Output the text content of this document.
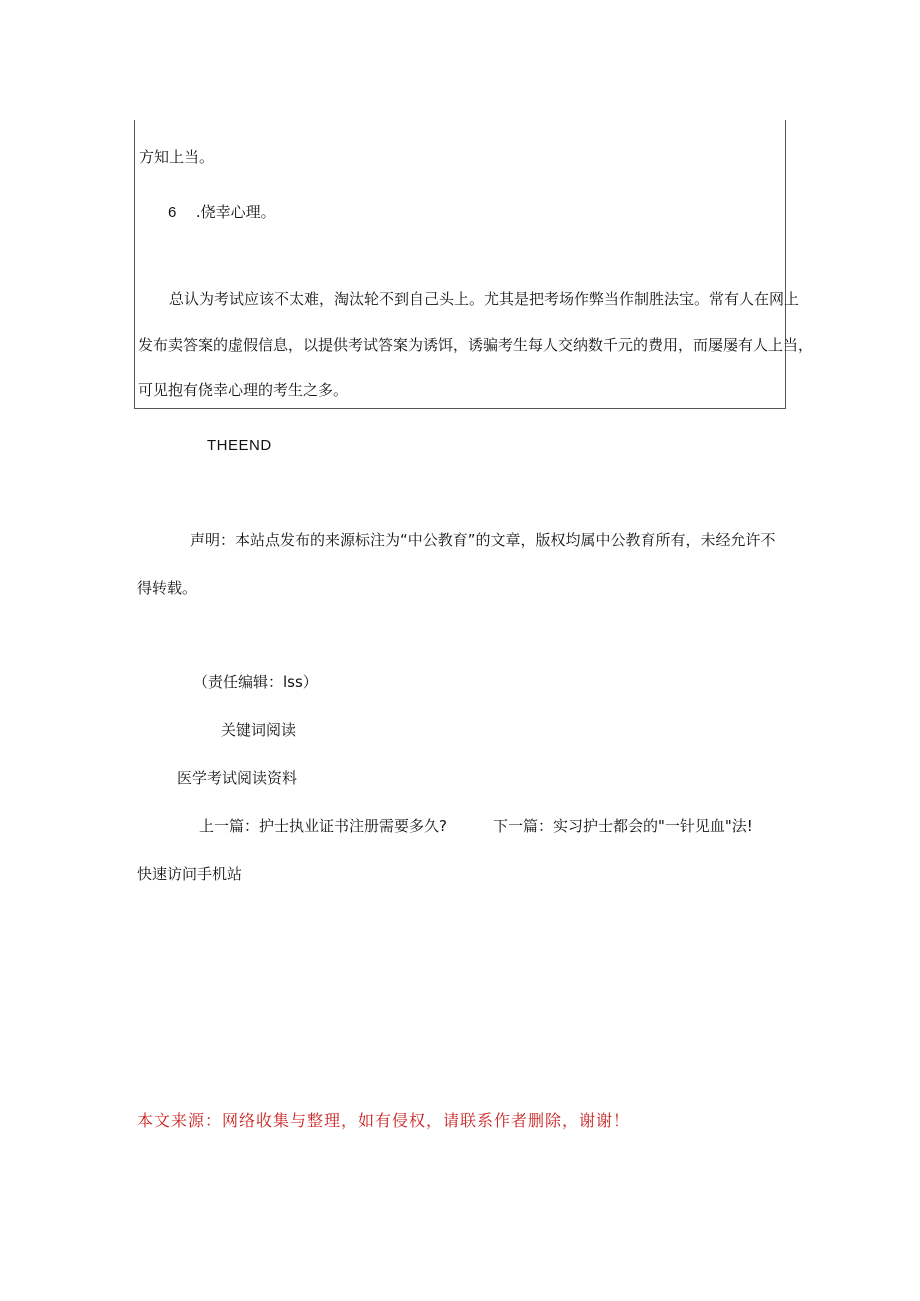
方知上当。
6 .侥幸心理。
总认为考试应该不太难，淘汰轮不到自己头上。尤其是把考场作弊当作制胜法宝。常有人在网上
发布卖答案的虚假信息，以提供考试答案为诱饵，诱骗考生每人交纳数千元的费用，而屡屡有人上当，
可见抱有侥幸心理的考生之多。
THEEND
声明：本站点发布的来源标注为“中公教育”的文章，版权均属中公教育所有，未经允许不
得转载。
（责任编辑：lss）
关键词阅读
医学考试阅读资料
上一篇：护士执业证书注册需要多久?	下一篇：实习护士都会的"一针见血"法!
快速访问手机站
本文来源：网络收集与整理，如有侵权，请联系作者删除，谢谢！
